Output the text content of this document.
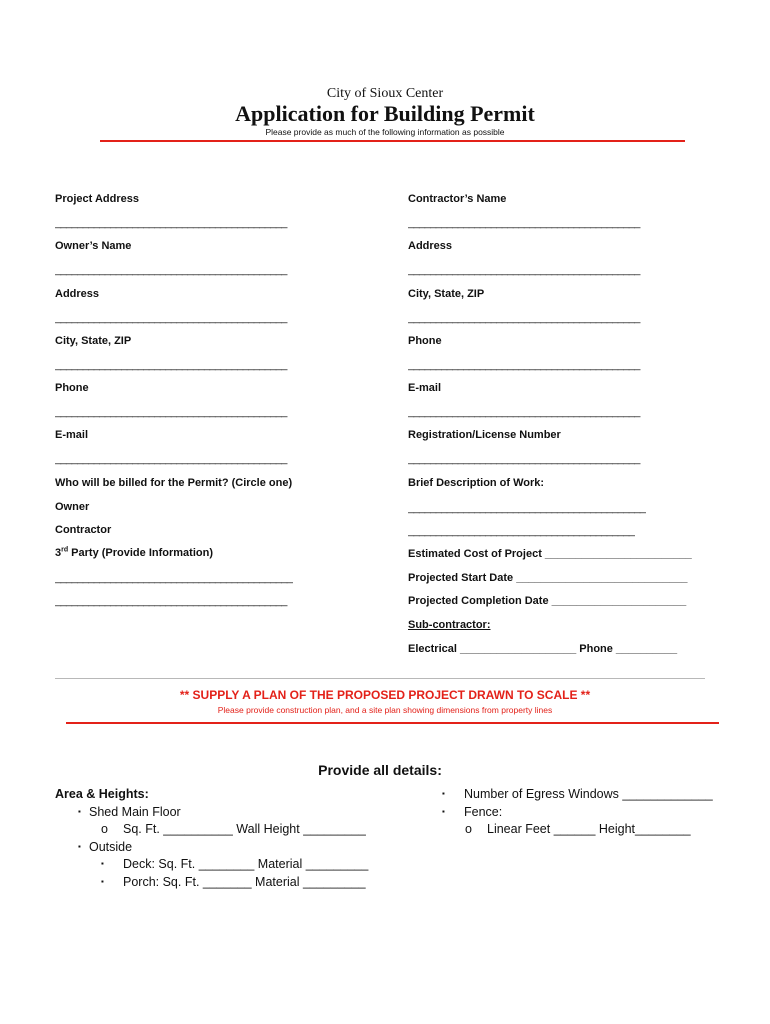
City of Sioux Center
Application for Building Permit
Please provide as much of the following information as possible
Project Address
__________________________________________
Owner’s Name
__________________________________________
Address
__________________________________________
City, State, ZIP
__________________________________________
Phone
__________________________________________
E-mail
__________________________________________
Contractor’s Name
__________________________________________
Address
__________________________________________
City, State, ZIP
__________________________________________
Phone
__________________________________________
E-mail
__________________________________________
Registration/License Number
__________________________________________
Who will be billed for the Permit? (Circle one)
Owner
Contractor
3rd Party (Provide Information)
___________________________________________
__________________________________________
Brief Description of Work:
___________________________________________
_________________________________________
Estimated Cost of Project ________________________
Projected Start Date ____________________________
Projected Completion Date ______________________
Sub-contractor:
Electrical ___________________ Phone __________
** SUPPLY A PLAN OF THE PROPOSED PROJECT DRAWN TO SCALE **
Please provide construction plan, and a site plan showing dimensions from property lines
Provide all details:
Area & Heights:
▪ Shed Main Floor
o Sq. Ft. __________ Wall Height _________
▪ Outside
▪ Deck: Sq. Ft. ________ Material _________
▪ Porch: Sq. Ft. _______ Material _________
▪ Number of Egress Windows _____________
▪ Fence:
o Linear Feet ______ Height________
